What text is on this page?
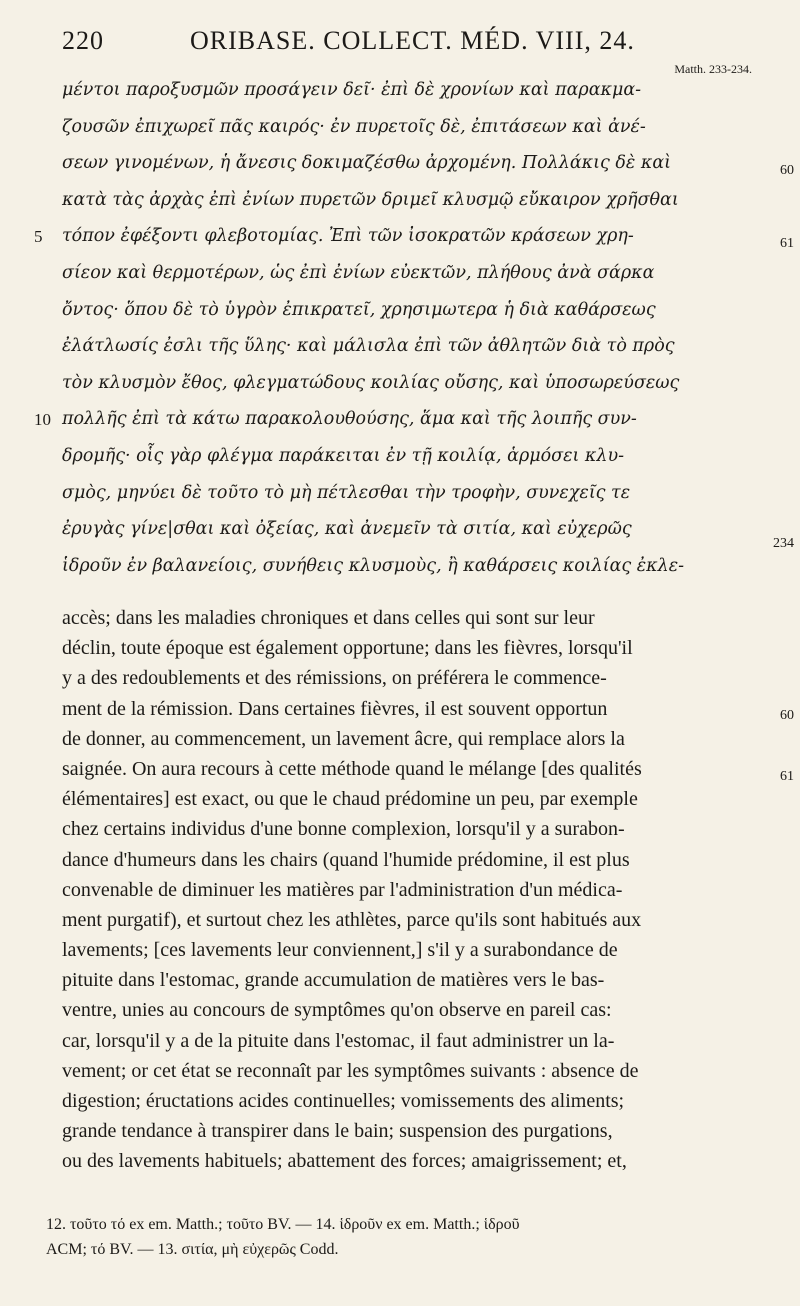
220	ORIBASE. COLLECT. MÉD. VIII, 24.
Matth. 233-234.
μέντοι παροξυσμῶν προσάγειν δεῖ· ἐπὶ δὲ χρονίων καὶ παρακμα-
ζουσῶν ἐπιχωρεῖ πᾶς καιρός· ἐν πυρετοῖς δὲ, ἐπιτάσεων καὶ ἀνέ-
σεων γινομένων, ἡ ἄνεσις δοκιμαζέσθω ἀρχομένη. Πολλάκις δὲ καὶ
κατὰ τὰς ἀρχὰς ἐπὶ ἐνίων πυρετῶν δριμεῖ κλυσμῷ εὔκαιρον χρῆσθαι
τόπον ἐφέξοντι φλεβοτομίας. Ἐπὶ τῶν ἰσοκρατῶν κράσεων χρη-
σίεον καὶ θερμοτέρων, ὡς ἐπὶ ἐνίων εὐεκτῶν, πλήθους ἀνὰ σάρκα
ὄντος· ὅπου δὲ τὸ ὑγρὸν ἐπικρατεῖ, χρησιμωτερα ἡ διὰ καθάρσεως
ἐλάτλωσίς ἐσλι τῆς ὕλης· καὶ μάλισλα ἐπὶ τῶν ἀθλητῶν διὰ τὸ πρὸς
τὸν κλυσμὸν ἔθος, φλεγματώδους κοιλίας οὔσης, καὶ ὑποσωρεύσεως
πολλῆς ἐπὶ τὰ κάτω παρακολουθούσης, ἅμα καὶ τῆς λοιπῆς συν-
δρομῆς· οἷς γὰρ φλέγμα παράκειται ἐν τῇ κοιλίᾳ, ἁρμόσει κλυ-
σμὸς, μηνύει δὲ τοῦτο τὸ μὴ πέτλεσθαι τὴν τροφὴν, συνεχεῖς τε
ἐρυγὰς γίνε|σθαι καὶ ὀξείας, καὶ ἀνεμεῖν τὰ σιτία, καὶ εὐχερῶς
ἱδροῦν ἐν βαλανείοις, συνήθεις κλυσμοὺς, ἢ καθάρσεις κοιλίας ἐκλε-
5
10
60
61
234
accès; dans les maladies chroniques et dans celles qui sont sur leur
déclin, toute époque est également opportune; dans les fièvres, lorsqu'il
y a des redoublements et des rémissions, on préférera le commence-
ment de la rémission. Dans certaines fièvres, il est souvent opportun
de donner, au commencement, un lavement âcre, qui remplace alors la
saignée. On aura recours à cette méthode quand le mélange [des qualités
élémentaires] est exact, ou que le chaud prédomine un peu, par exemple
chez certains individus d'une bonne complexion, lorsqu'il y a surabon-
dance d'humeurs dans les chairs (quand l'humide prédomine, il est plus
convenable de diminuer les matières par l'administration d'un médica-
ment purgatif), et surtout chez les athlètes, parce qu'ils sont habitués aux
lavements; [ces lavements leur conviennent,] s'il y a surabondance de
pituite dans l'estomac, grande accumulation de matières vers le bas-
ventre, unies au concours de symptômes qu'on observe en pareil cas:
car, lorsqu'il y a de la pituite dans l'estomac, il faut administrer un la-
vement; or cet état se reconnaît par les symptômes suivants : absence de
digestion; éructations acides continuelles; vomissements des aliments;
grande tendance à transpirer dans le bain; suspension des purgations,
ou des lavements habituels; abattement des forces; amaigrissement; et,
60
61
12. τοῦτο τό ex em. Matth.; τοῦτο BV. — 14. ἱδροῦν ex em. Matth.; ἱδροῦ
ACM; τό BV. — 13. σιτία, μὴ εὐχερῶς Codd.
